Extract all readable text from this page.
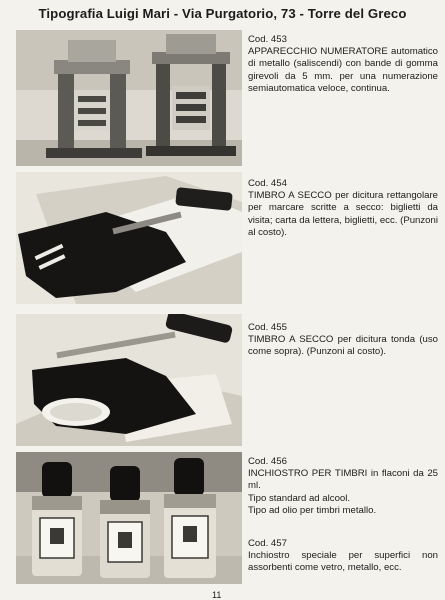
Tipografia Luigi Mari - Via Purgatorio, 73 - Torre del Greco
Cod. 453
APPARECCHIO NUMERATORE automatico di metallo (saliscendi) con bande di gomma girevoli da 5 mm. per una numerazione semiautomatica veloce, continua.
Cod. 454
TIMBRO A SECCO per dicitura rettangolare per marcare scritte a secco: biglietti da visita; carta da lettera, biglietti, ecc. (Punzoni al costo).
Cod. 455
TIMBRO A SECCO per dicitura tonda (uso come sopra). (Punzoni al costo).
Cod. 456
INCHIOSTRO PER TIMBRI in flaconi da 25 ml.
Tipo standard ad alcool.
Tipo ad olio per timbri metallo.
Cod. 457
Inchiostro speciale per superfici non assorbenti come vetro, metallo, ecc.
11
